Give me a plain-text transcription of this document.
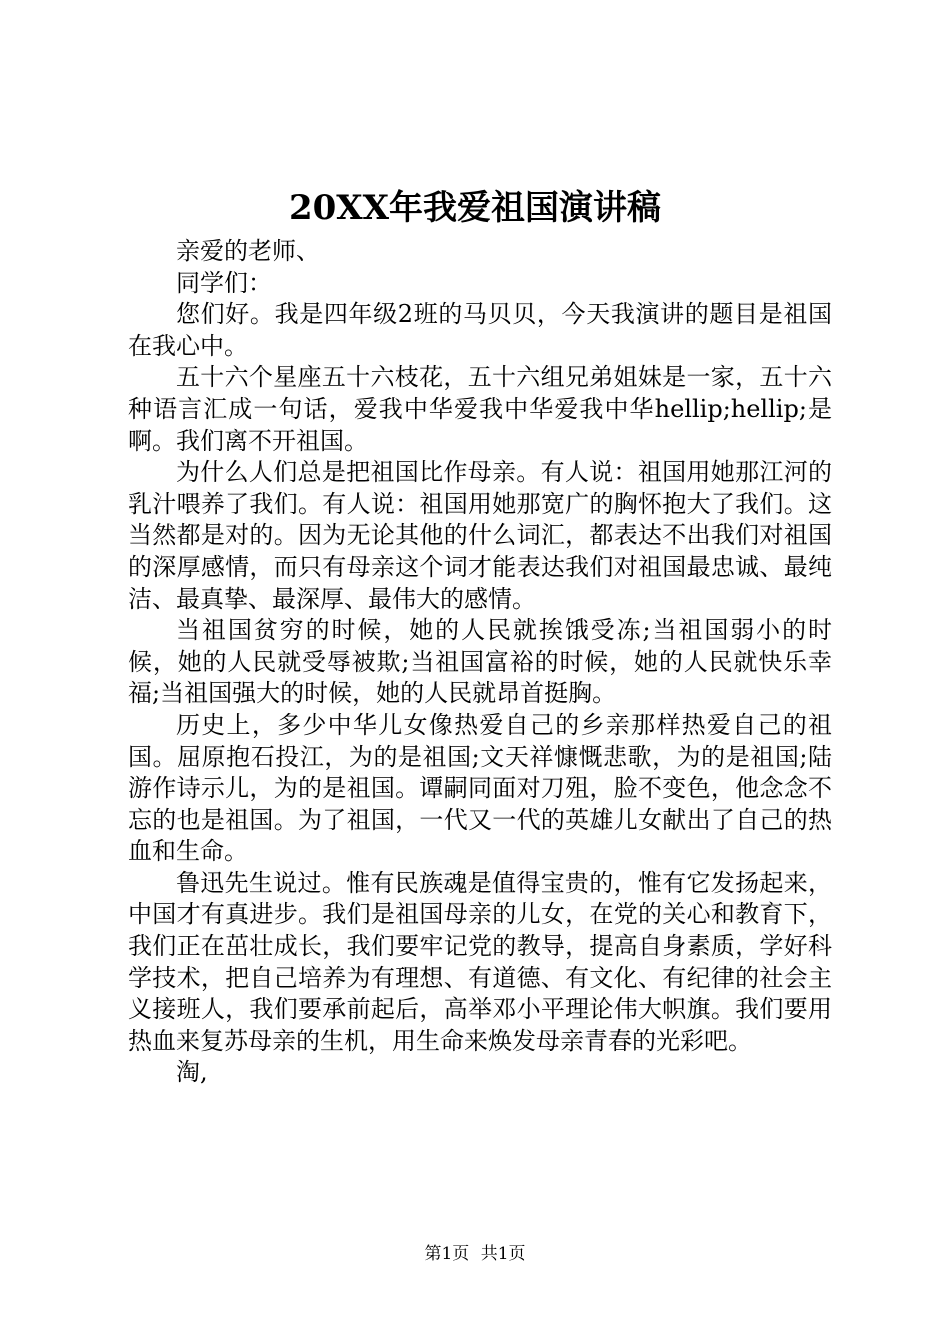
20XX年我爱祖国演讲稿

亲爱的老师、

同学们：

您们好。我是四年级2班的马贝贝，今天我演讲的题目是祖国在我心中。

五十六个星座五十六枝花，五十六组兄弟姐妹是一家，五十六种语言汇成一句话，爱我中华爱我中华爱我中华hellip;hellip;是啊。我们离不开祖国。

为什么人们总是把祖国比作母亲。有人说：祖国用她那江河的乳汁喂养了我们。有人说：祖国用她那宽广的胸怀抱大了我们。这当然都是对的。因为无论其他的什么词汇，都表达不出我们对祖国的深厚感情，而只有母亲这个词才能表达我们对祖国最忠诚、最纯洁、最真挚、最深厚、最伟大的感情。

当祖国贫穷的时候，她的人民就挨饿受冻;当祖国弱小的时候，她的人民就受辱被欺;当祖国富裕的时候，她的人民就快乐幸福;当祖国强大的时候，她的人民就昂首挺胸。

历史上，多少中华儿女像热爱自己的乡亲那样热爱自己的祖国。屈原抱石投江，为的是祖国;文天祥慷慨悲歌，为的是祖国;陆游作诗示儿，为的是祖国。谭嗣同面对刀殂，脸不变色，他念念不忘的也是祖国。为了祖国，一代又一代的英雄儿女献出了自己的热血和生命。

鲁迅先生说过。惟有民族魂是值得宝贵的，惟有它发扬起来，中国才有真进步。我们是祖国母亲的儿女，在党的关心和教育下，我们正在茁壮成长，我们要牢记党的教导，提高自身素质，学好科学技术，把自己培养为有理想、有道德、有文化、有纪律的社会主义接班人，我们要承前起后，高举邓小平理论伟大帜旗。我们要用热血来复苏母亲的生机，用生命来焕发母亲青春的光彩吧。

淘,

第1页 共1页
